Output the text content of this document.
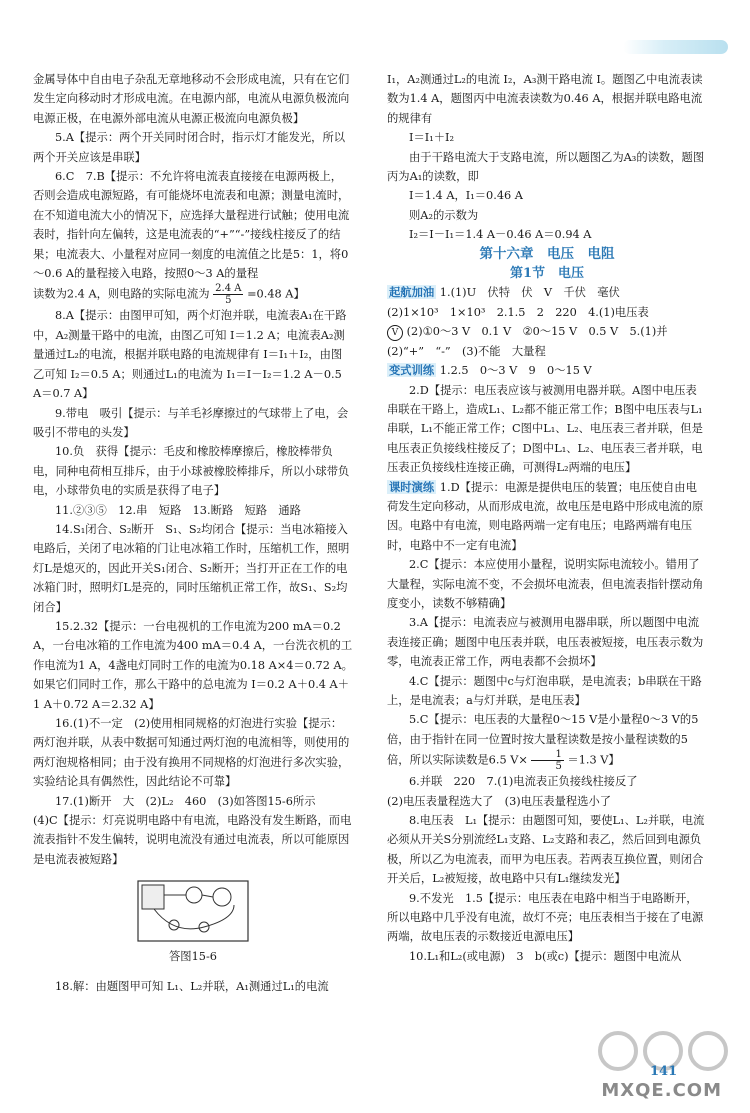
金属导体中自由电子杂乱无章地移动不会形成电流，只有在它们发生定向移动时才形成电流。在电源内部，电流从电源负极流向电源正极，在电源外部电流从电源正极流向电源负极】

5.A【提示：两个开关同时闭合时，指示灯才能发光，所以两个开关应该是串联】

6.C　7.B【提示：不允许将电流表直接接在电源两极上，否则会造成电源短路，有可能烧坏电流表和电源；测量电流时，在不知道电流大小的情况下，应选择大量程进行试触；使用电流表时，指针向左偏转，这是电流表的“+”“-”接线柱接反了的结果；电流表大、小量程对应同一刻度的电流值之比是5：1，将0～0.6 A的量程接入电路，按照0～3 A的量程

读数为2.4 A，则电路的实际电流为 $\frac{2.4 A}{5} =0.48$ A】

8.A【提示：由图甲可知，两个灯泡并联，电流表A₁在干路中，A₂测量干路中的电流，由图乙可知 I＝1.2 A；电流表A₂测量通过L₂的电流，根据并联电路的电流规律有 I＝I₁＋I₂，由图乙可知 I₂＝0.5 A；则通过L₁的电流为 I₁＝I－I₂＝1.2 A－0.5 A＝0.7 A】

9.带电　吸引【提示：与羊毛衫摩擦过的气球带上了电，会吸引不带电的头发】

10.负　获得【提示：毛皮和橡胶棒摩擦后，橡胶棒带负电，同种电荷相互排斥，由于小球被橡胶棒排斥，所以小球带负电，小球带负电的实质是获得了电子】

11.②③⑤　12.串　短路　13.断路　短路　通路

14.S₁闭合、S₂断开　S₁、S₂均闭合【提示：当电冰箱接入电路后，关闭了电冰箱的门让电冰箱工作时，压缩机工作，照明灯L是熄灭的，因此开关S₁闭合、S₂断开；当打开正在工作的电冰箱门时，照明灯L是亮的，同时压缩机正常工作，故S₁、S₂均闭合】

15.2.32【提示：一台电视机的工作电流为200 mA＝0.2 A，一台电冰箱的工作电流为400 mA＝0.4 A，一台洗衣机的工作电流为1 A，4盏电灯同时工作的电流为0.18 A×4＝0.72 A。如果它们同时工作，那么干路中的总电流为 I＝0.2 A＋0.4 A＋1 A＋0.72 A＝2.32 A】

16.(1)不一定　(2)使用相同规格的灯泡进行实验【提示：两灯泡并联，从表中数据可知通过两灯泡的电流相等，则使用的两灯泡规格相同；由于没有换用不同规格的灯泡进行多次实验，实验结论具有偶然性，因此结论不可靠】

17.(1)断开　大　(2)L₂　460　(3)如答图15-6所示

(4)C【提示：灯亮说明电路中有电流，电路没有发生断路，而电流表指针不发生偏转，说明电流没有通过电流表，所以可能原因是电流表被短路】

答图15-6

18.解：由题图甲可知 L₁、L₂并联，A₁测通过L₁的电流

I₁，A₂测通过L₂的电流 I₂，A₃测干路电流 I。题图乙中电流表读数为1.4 A，题图丙中电流表读数为0.46 A，根据并联电路电流的规律有

I＝I₁＋I₂

由于干路电流大于支路电流，所以题图乙为A₃的读数，题图丙为A₁的读数，即

I＝1.4 A，I₁＝0.46 A

则A₂的示数为

I₂＝I－I₁＝1.4 A－0.46 A＝0.94 A

第十六章　电压　电阻

第1节　电压

起航加油 1.(1)U　伏特　伏　V　千伏　毫伏

(2)1×10³　1×10³　2.1.5　2　220　4.(1)电压表

V (2)①0～3 V　0.1 V　②0～15 V　0.5 V　5.(1)并

(2)“+”　“-”　(3)不能　大量程

变式训练 1.2.5　0～3 V　9　0～15 V

2.D【提示：电压表应该与被测用电器并联。A图中电压表串联在干路上，造成L₁、L₂都不能正常工作；B图中电压表与L₁串联，L₁不能正常工作；C图中L₁、L₂、电压表三者并联，但是电压表正负接线柱接反了；D图中L₁、L₂、电压表三者并联，电压表正负接线柱连接正确，可测得L₂两端的电压】

课时演练 1.D【提示：电源是提供电压的装置；电压使自由电荷发生定向移动，从而形成电流，故电压是电路中形成电流的原因。电路中有电流，则电路两端一定有电压；电路两端有电压时，电路中不一定有电流】

2.C【提示：本应使用小量程，说明实际电流较小。错用了大量程，实际电流不变，不会损坏电流表，但电流表指针摆动角度变小，读数不够精确】

3.A【提示：电流表应与被测用电器串联，所以题图中电流表连接正确；题图中电压表并联，电压表被短接，电压表示数为零，电流表正常工作，两电表都不会损坏】

4.C【提示：题图中c与灯泡串联，是电流表；b串联在干路上，是电流表；a与灯并联，是电压表】

5.C【提示：电压表的大量程0～15 V是小量程0～3 V的5倍，由于指针在同一位置时按大量程读数是按小量程读数的5倍，所以实际读数是6.5 $V\times \frac{1}{5} =1.3$ V】

6.并联　220　7.(1)电流表正负接线柱接反了

(2)电压表量程选大了　(3)电压表量程选小了

8.电压表　L₁【提示：由题图可知，要使L₁、L₂并联，电流必须从开关S分别流经L₁支路、L₂支路和表乙，然后回到电源负极，所以乙为电流表，而甲为电压表。若两表互换位置，则闭合开关后，L₂被短接，故电路中只有L₁继续发光】

9.不发光　1.5【提示：电压表在电路中相当于电路断开，所以电路中几乎没有电流，故灯不亮；电压表相当于接在了电源两端，故电压表的示数接近电源电压】

10.L₁和L₂(或电源)　3　b(或c)【提示：题图中电流从

MXQE.COM
141
